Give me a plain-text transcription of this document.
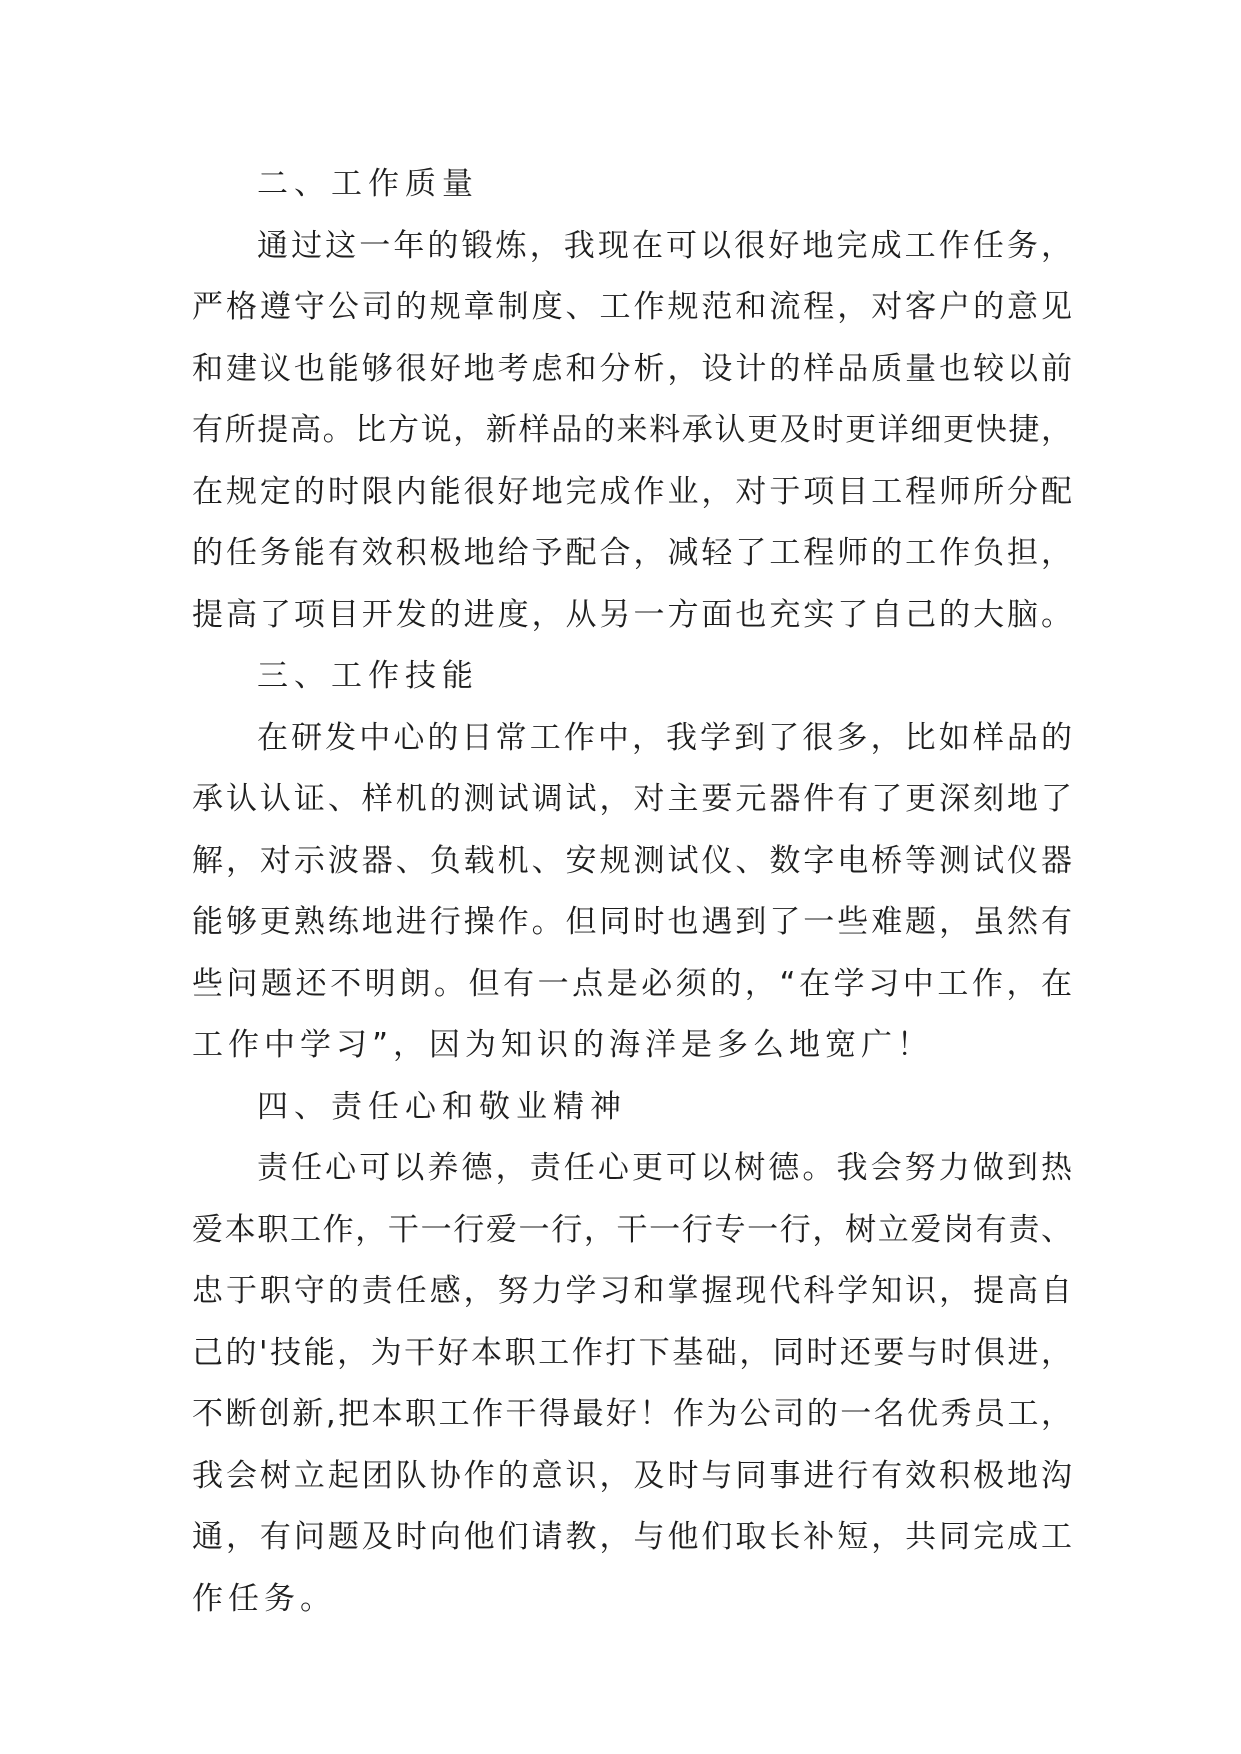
二、工作质量
通过这一年的锻炼，我现在可以很好地完成工作任务，
严格遵守公司的规章制度、工作规范和流程，对客户的意见
和建议也能够很好地考虑和分析，设计的样品质量也较以前
有所提高。比方说，新样品的来料承认更及时更详细更快捷，
在规定的时限内能很好地完成作业，对于项目工程师所分配
的任务能有效积极地给予配合，减轻了工程师的工作负担，
提高了项目开发的进度，从另一方面也充实了自己的大脑。
三、工作技能
在研发中心的日常工作中，我学到了很多，比如样品的
承认认证、样机的测试调试，对主要元器件有了更深刻地了
解，对示波器、负载机、安规测试仪、数字电桥等测试仪器
能够更熟练地进行操作。但同时也遇到了一些难题，虽然有
些问题还不明朗。但有一点是必须的，“在学习中工作，在
工作中学习”，因为知识的海洋是多么地宽广！
四、责任心和敬业精神
责任心可以养德，责任心更可以树德。我会努力做到热
爱本职工作，干一行爱一行，干一行专一行，树立爱岗有责、
忠于职守的责任感，努力学习和掌握现代科学知识，提高自
己的'技能，为干好本职工作打下基础，同时还要与时俱进，
不断创新,把本职工作干得最好！作为公司的一名优秀员工，
我会树立起团队协作的意识，及时与同事进行有效积极地沟
通，有问题及时向他们请教，与他们取长补短，共同完成工
作任务。
